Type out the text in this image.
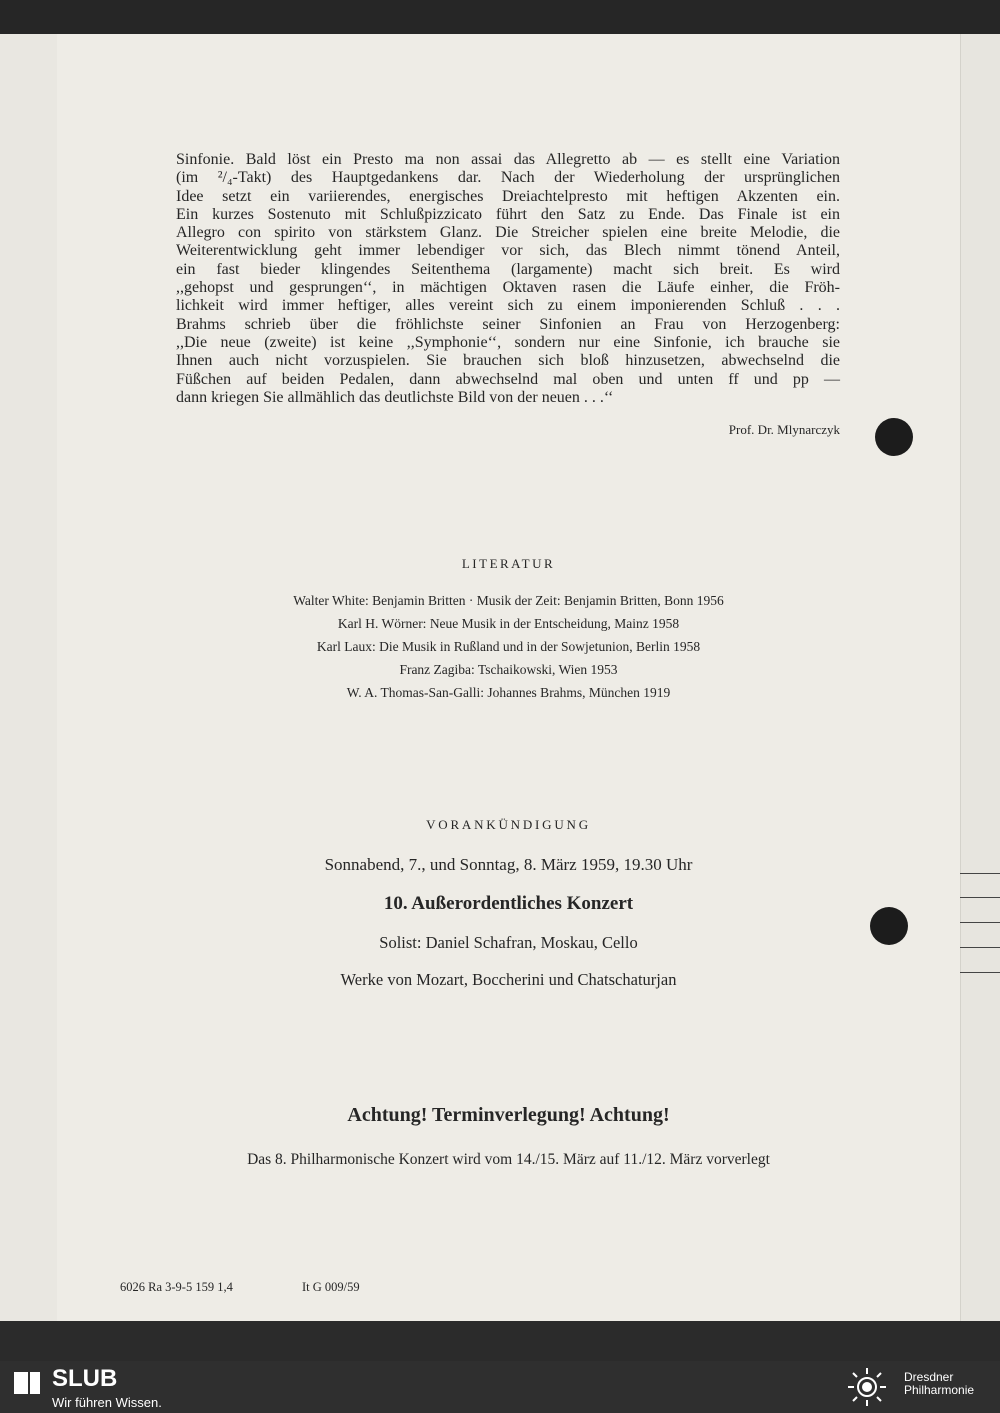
Sinfonie. Bald löst ein Presto ma non assai das Allegretto ab — es stellt eine Variation
(im ²/₄-Takt) des Hauptgedankens dar. Nach der Wiederholung der ursprünglichen
Idee setzt ein variierendes, energisches Dreiachtelpresto mit heftigen Akzenten ein.
Ein kurzes Sostenuto mit Schlußpizzicato führt den Satz zu Ende. Das Finale ist ein
Allegro con spirito von stärkstem Glanz. Die Streicher spielen eine breite Melodie, die
Weiterentwicklung geht immer lebendiger vor sich, das Blech nimmt tönend Anteil,
ein fast bieder klingendes Seitenthema (largamente) macht sich breit. Es wird
,,gehopst und gesprungen‘‘, in mächtigen Oktaven rasen die Läufe einher, die Fröh-
lichkeit wird immer heftiger, alles vereint sich zu einem imponierenden Schluß . . .
Brahms schrieb über die fröhlichste seiner Sinfonien an Frau von Herzogenberg:
,,Die neue (zweite) ist keine ,,Symphonie‘‘, sondern nur eine Sinfonie, ich brauche sie
Ihnen auch nicht vorzuspielen. Sie brauchen sich bloß hinzusetzen, abwechselnd die
Füßchen auf beiden Pedalen, dann abwechselnd mal oben und unten ff und pp —
dann kriegen Sie allmählich das deutlichste Bild von der neuen . . .‘‘
Prof. Dr. Mlynarczyk
LITERATUR
Walter White: Benjamin Britten · Musik der Zeit: Benjamin Britten, Bonn 1956
Karl H. Wörner: Neue Musik in der Entscheidung, Mainz 1958
Karl Laux: Die Musik in Rußland und in der Sowjetunion, Berlin 1958
Franz Zagiba: Tschaikowski, Wien 1953
W. A. Thomas-San-Galli: Johannes Brahms, München 1919
VORANKÜNDIGUNG
Sonnabend, 7., und Sonntag, 8. März 1959, 19.30 Uhr
10. Außerordentliches Konzert
Solist: Daniel Schafran, Moskau, Cello
Werke von Mozart, Boccherini und Chatschaturjan
Achtung! Terminverlegung! Achtung!
Das 8. Philharmonische Konzert wird vom 14./15. März auf 11./12. März vorverlegt
6026 Ra 3-9-5 159 1,4	It G 009/59
SLUB
Wir führen Wissen.
Dresdner
Philharmonie
